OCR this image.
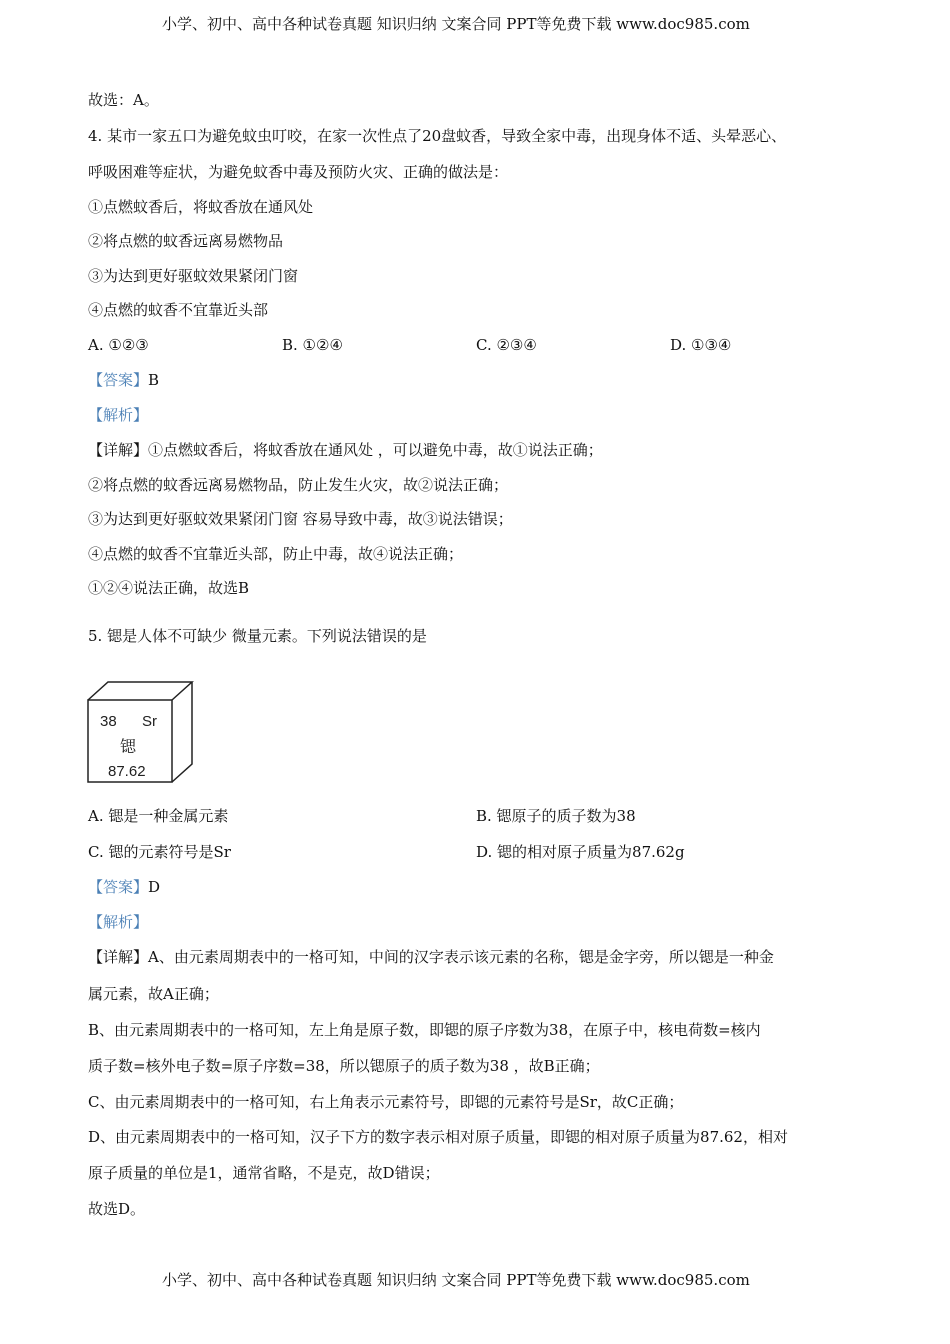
小学、初中、高中各种试卷真题 知识归纳 文案合同 PPT等免费下载 www.doc985.com
小学、初中、高中各种试卷真题 知识归纳 文案合同 PPT等免费下载 www.doc985.com
故选：A。
4. 某市一家五口为避免蚊虫叮咬，在家一次性点了20盘蚊香，导致全家中毒，出现身体不适、头晕恶心、
呼吸困难等症状，为避免蚊香中毒及预防火灾、正确的做法是：
①点燃蚊香后，将蚊香放在通风处
②将点燃的蚊香远离易燃物品
③为达到更好驱蚊效果紧闭门窗
④点燃的蚊香不宜靠近头部
A. ①②③	B. ①②④	C. ②③④	D. ①③④
【答案】B
【解析】
【详解】①点燃蚊香后，将蚊香放在通风处 ，可以避免中毒，故①说法正确；
②将点燃的蚊香远离易燃物品，防止发生火灾，故②说法正确；
③为达到更好驱蚊效果紧闭门窗 容易导致中毒，故③说法错误；
④点燃的蚊香不宜靠近头部，防止中毒，故④说法正确；
①②④说法正确，故选B
5. 锶是人体不可缺少 微量元素。下列说法错误的是
38 Sr
锶
87.62
A. 锶是一种金属元素	B. 锶原子的质子数为38
C. 锶的元素符号是Sr	D. 锶的相对原子质量为87.62g
【答案】D
【解析】
【详解】A、由元素周期表中的一格可知，中间的汉字表示该元素的名称，锶是金字旁，所以锶是一种金
属元素，故A正确；
B、由元素周期表中的一格可知，左上角是原子数，即锶的原子序数为38，在原子中，核电荷数=核内
质子数=核外电子数=原子序数=38，所以锶原子的质子数为38 ，故B正确；
C、由元素周期表中的一格可知，右上角表示元素符号，即锶的元素符号是Sr，故C正确；
D、由元素周期表中的一格可知，汉子下方的数字表示相对原子质量，即锶的相对原子质量为87.62，相对
原子质量的单位是1，通常省略，不是克，故D错误；
故选D。
